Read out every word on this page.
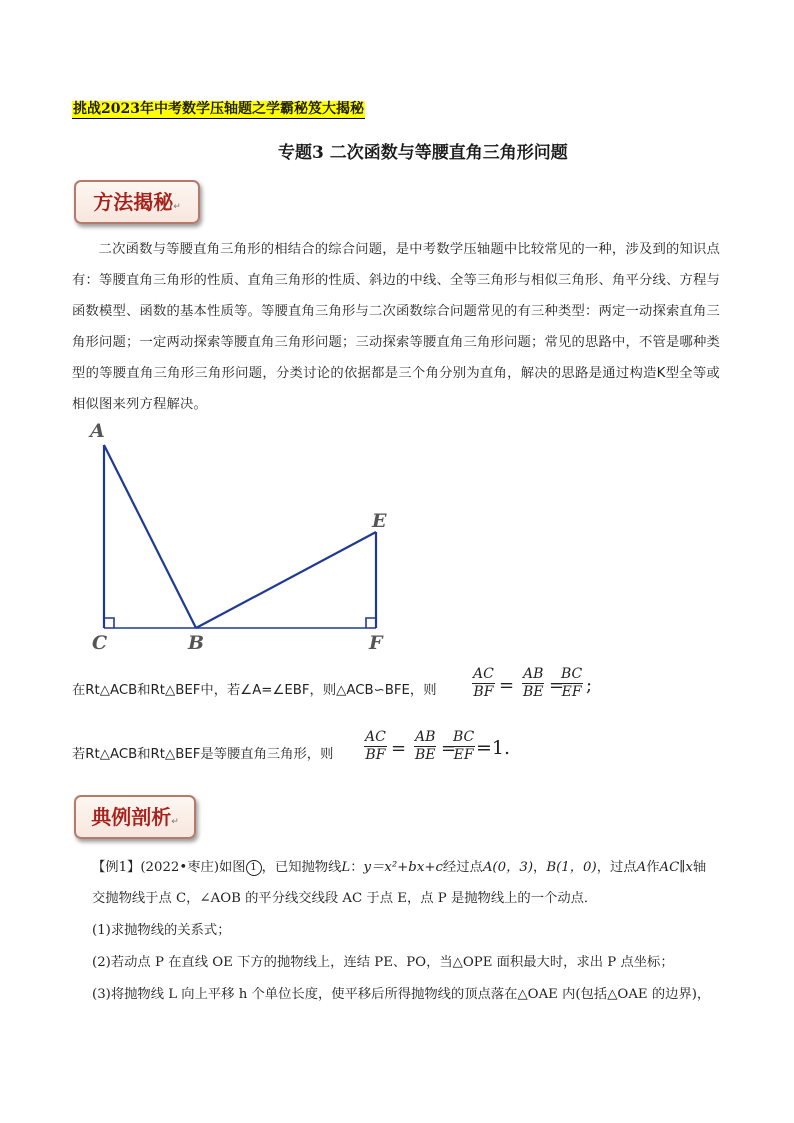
挑战2023年中考数学压轴题之学霸秘笈大揭秘
专题3 二次函数与等腰直角三角形问题
方法揭秘↵

二次函数与等腰直角三角形的相结合的综合问题，是中考数学压轴题中比较常见的一种，涉及到的知识点有：等腰直角三角形的性质、直角三角形的性质、斜边的中线、全等三角形与相似三角形、角平分线、方程与函数模型、函数的基本性质等。等腰直角三角形与二次函数综合问题常见的有三种类型：两定一动探索直角三角形问题；一定两动探索等腰直角三角形问题；三动探索等腰直角三角形问题；常见的思路中，不管是哪种类型的等腰直角三角形三角形问题，分类讨论的依据都是三个角分别为直角，解决的思路是通过构造K型全等或相似图来列方程解决。

A
E
C	B	F
在Rt△ACB和Rt△BEF中，若∠A=∠EBF，则△ACB∽BFE，则	$\frac{AC}{BF} = \frac{AB}{BE}$ =
$\frac{BC}{EF}$ ;
若Rt△ACB和Rt△BEF是等腰直角三角形，则 $\frac{AC}{BF} = \frac{AB}{BE}$ =
$\frac{BC}{EF} =1$.
典例剖析↵
【例1】(2022•枣庄)如图 1 ，已知抛物线L：y＝x²+bx+c经过点A(0，3)，B(1，0)，过点A作AC∥x轴
交抛物线于点 C，∠AOB 的平分线交线段 AC 于点 E，点 P 是抛物线上的一个动点．
(1)求抛物线的关系式；
(2)若动点 P 在直线 OE 下方的抛物线上，连结 PE、PO，当△OPE 面积最大时，求出 P 点坐标；
(3)将抛物线 L 向上平移 h 个单位长度，使平移后所得抛物线的顶点落在△OAE 内(包括△OAE 的边界)，
